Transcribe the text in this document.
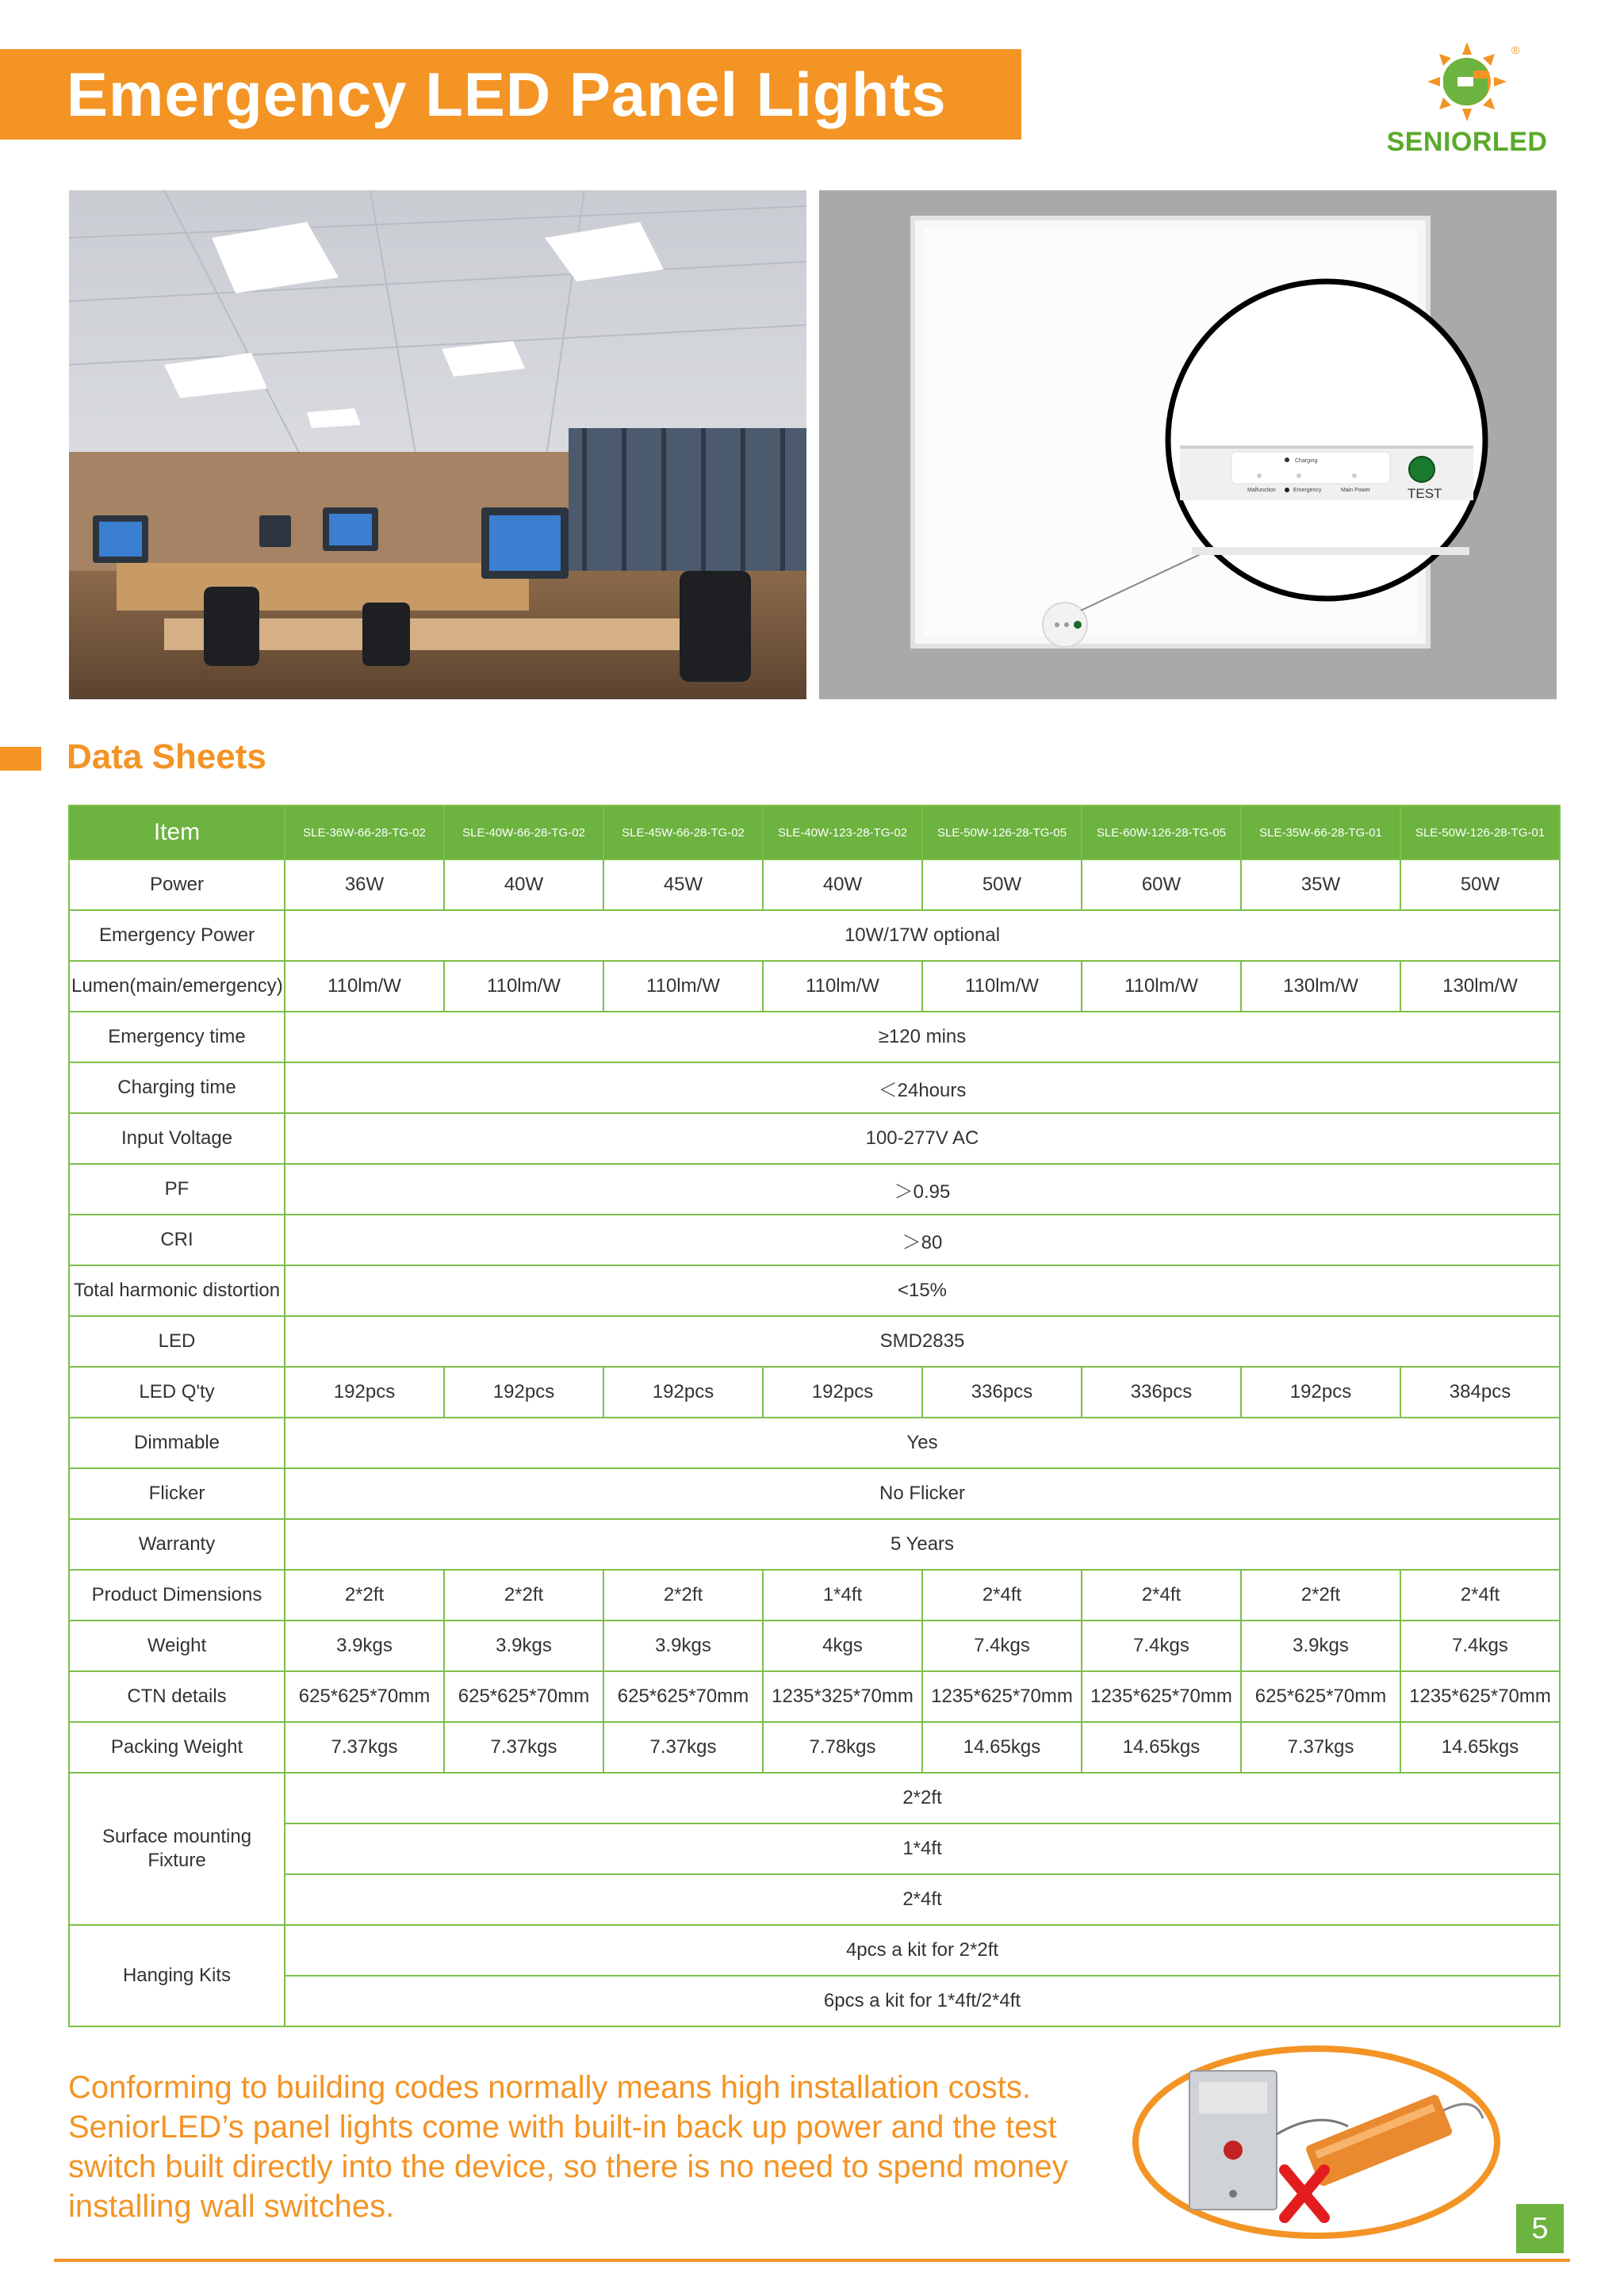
Emergency LED Panel Lights
®
SENIORLED
Charging
Malfunction	Emergency	Main Power	TEST
Data Sheets
Item	SLE-36W-66-28-TG-02	SLE-40W-66-28-TG-02	SLE-45W-66-28-TG-02	SLE-40W-123-28-TG-02	SLE-50W-126-28-TG-05	SLE-60W-126-28-TG-05	SLE-35W-66-28-TG-01	SLE-50W-126-28-TG-01
Power	36W	40W	45W	40W	50W	60W	35W	50W
Emergency Power	10W/17W optional							
Lumen(main/emergency)	110lm/W	110lm/W	110lm/W	110lm/W	110lm/W	110lm/W	130lm/W	130lm/W
Emergency time	≥120 mins							
Charging time	＜24hours							
Input Voltage	100-277V AC							
PF	＞0.95							
CRI	＞80							
Total harmonic distortion	<15%							
LED	SMD2835							
LED Q'ty	192pcs	192pcs	192pcs	192pcs	336pcs	336pcs	192pcs	384pcs
Dimmable	Yes							
Flicker	No Flicker							
Warranty	5 Years							
Product Dimensions	2*2ft	2*2ft	2*2ft	1*4ft	2*4ft	2*4ft	2*2ft	2*4ft
Weight	3.9kgs	3.9kgs	3.9kgs	4kgs	7.4kgs	7.4kgs	3.9kgs	7.4kgs
CTN details	625*625*70mm	625*625*70mm	625*625*70mm	1235*325*70mm	1235*625*70mm	1235*625*70mm	625*625*70mm	1235*625*70mm
Packing Weight	7.37kgs	7.37kgs	7.37kgs	7.78kgs	14.65kgs	14.65kgs	7.37kgs	14.65kgs
Surface mounting Fixture	2*2ft							
	1*4ft							
	2*4ft							
Hanging Kits	4pcs a kit for 2*2ft							
	6pcs a kit for 1*4ft/2*4ft							
Conforming to building codes normally means high installation costs. SeniorLED’s panel lights come with built-in back up power and the test switch built directly into the device, so there is no need to spend money installing wall switches.
5
